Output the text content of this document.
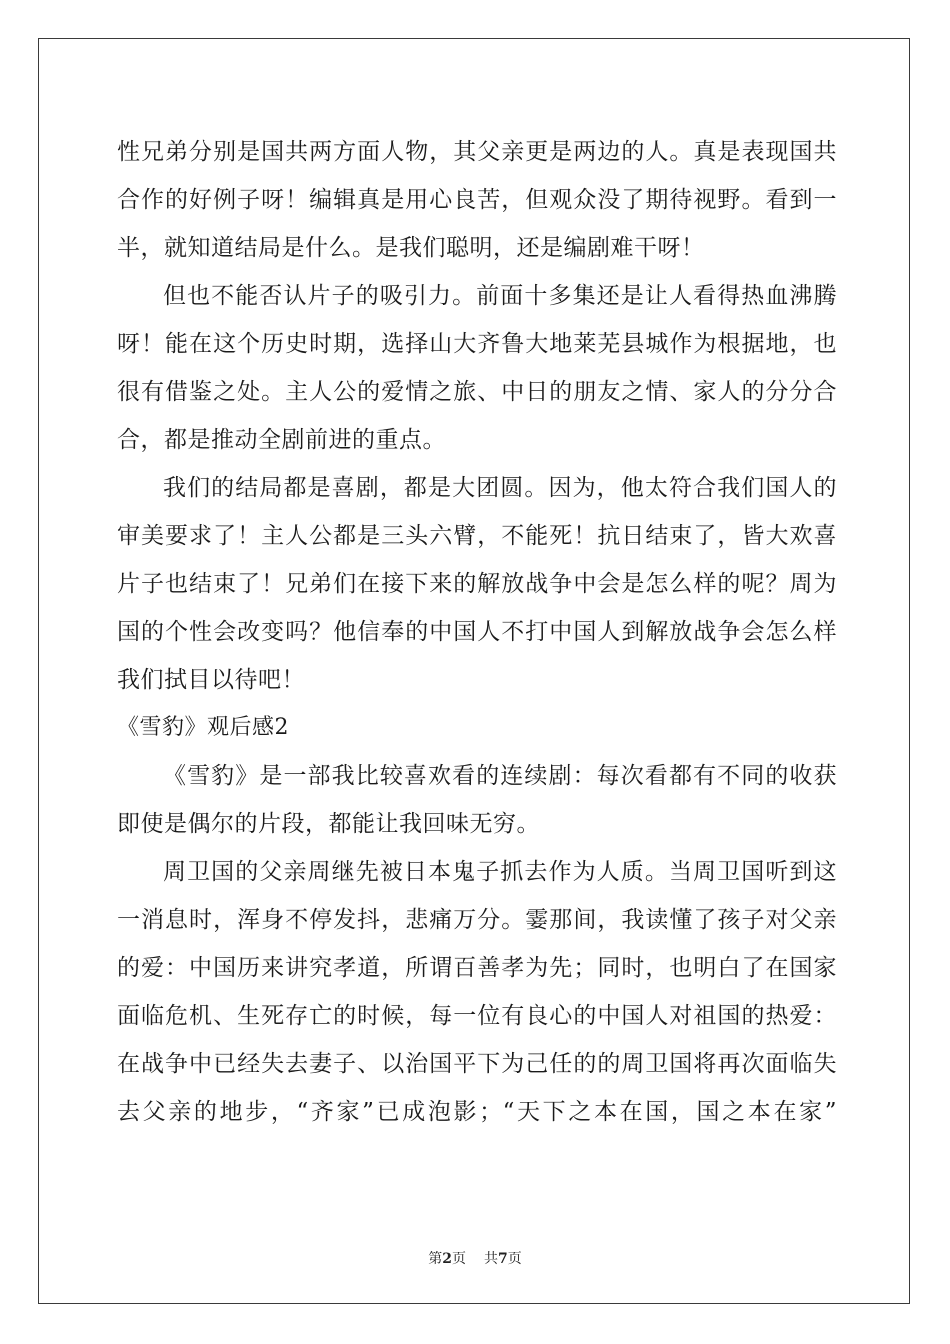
性兄弟分别是国共两方面人物，其父亲更是两边的人。真是表现国共
合作的好例子呀！编辑真是用心良苦，但观众没了期待视野。看到一
半，就知道结局是什么。是我们聪明，还是编剧难干呀！
但也不能否认片子的吸引力。前面十多集还是让人看得热血沸腾
呀！能在这个历史时期，选择山大齐鲁大地莱芜县城作为根据地，也
很有借鉴之处。主人公的爱情之旅、中日的朋友之情、家人的分分合
合，都是推动全剧前进的重点。
我们的结局都是喜剧，都是大团圆。因为，他太符合我们国人的
审美要求了！主人公都是三头六臂，不能死！抗日结束了，皆大欢喜
片子也结束了！兄弟们在接下来的解放战争中会是怎么样的呢？周为
国的个性会改变吗？他信奉的中国人不打中国人到解放战争会怎么样
我们拭目以待吧！
《雪豹》观后感2
《雪豹》是一部我比较喜欢看的连续剧：每次看都有不同的收获
即使是偶尔的片段，都能让我回味无穷。
周卫国的父亲周继先被日本鬼子抓去作为人质。当周卫国听到这
一消息时，浑身不停发抖，悲痛万分。霎那间，我读懂了孩子对父亲
的爱：中国历来讲究孝道，所谓百善孝为先；同时，也明白了在国家
面临危机、生死存亡的时候，每一位有良心的中国人对祖国的热爱：
在战争中已经失去妻子、以治国平下为己任的的周卫国将再次面临失
去父亲的地步，“齐家”已成泡影；“天下之本在国，国之本在家”
第2页 共7页
